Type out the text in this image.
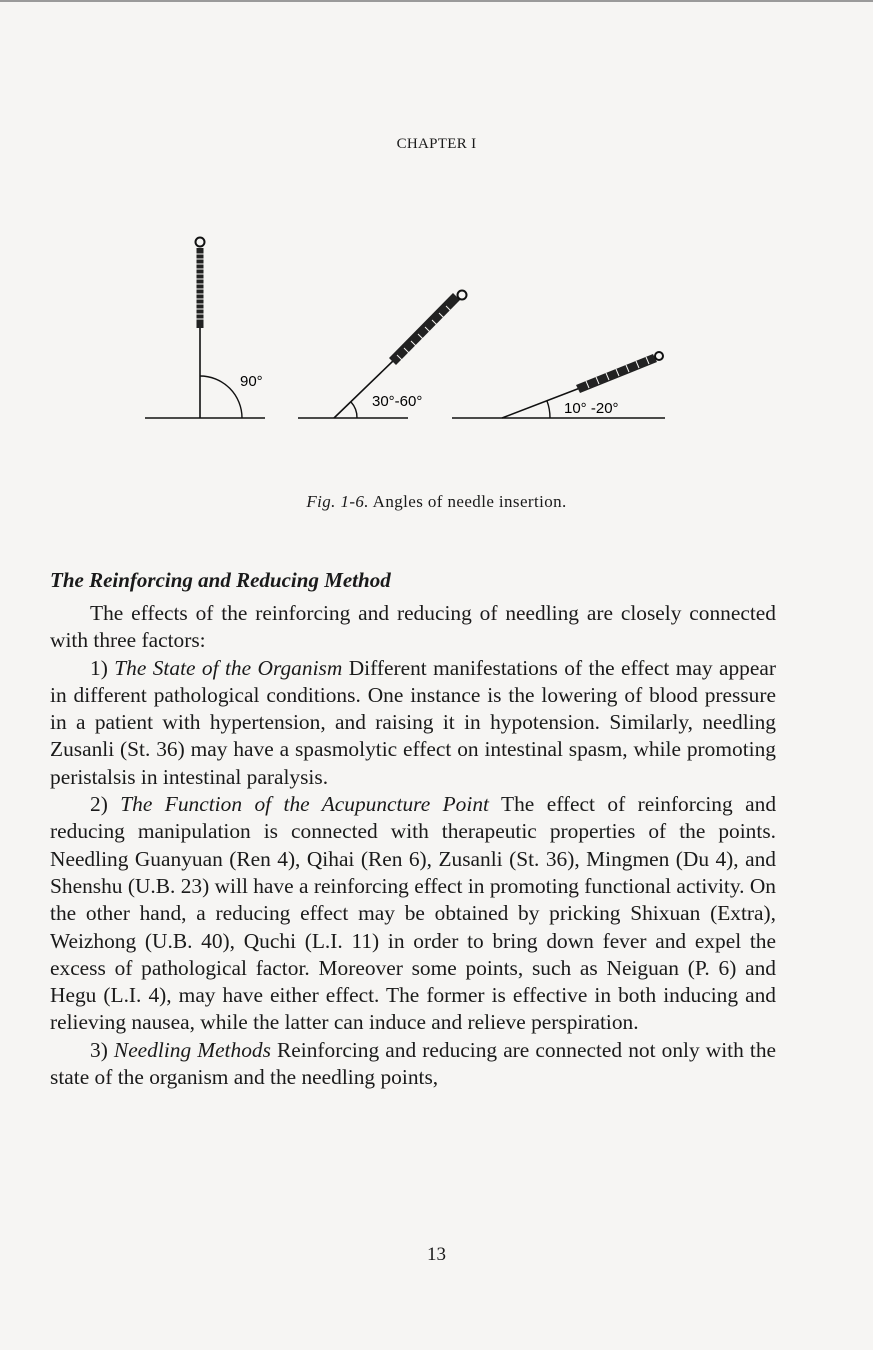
CHAPTER I
90°
30°-60°	10° -20°
Fig. 1-6. Angles of needle insertion.
The Reinforcing and Reducing Method

The effects of the reinforcing and reducing of needling are closely connected with three factors:

1) The State of the Organism Different manifestations of the effect may appear in different pathological conditions. One instance is the lowering of blood pressure in a patient with hypertension, and raising it in hypotension. Similarly, needling Zusanli (St. 36) may have a spasmolytic effect on intestinal spasm, while promoting peristalsis in intestinal paralysis.

2) The Function of the Acupuncture Point The effect of reinforcing and reducing manipulation is connected with therapeutic properties of the points. Needling Guanyuan (Ren 4), Qihai (Ren 6), Zusanli (St. 36), Mingmen (Du 4), and Shenshu (U.B. 23) will have a reinforcing effect in promoting functional activity. On the other hand, a reducing effect may be obtained by pricking Shixuan (Extra), Weizhong (U.B. 40), Quchi (L.I. 11) in order to bring down fever and expel the excess of pathological factor. Moreover some points, such as Neiguan (P. 6) and Hegu (L.I. 4), may have either effect. The former is effective in both inducing and relieving nausea, while the latter can induce and relieve perspiration.

3) Needling Methods Reinforcing and reducing are connected not only with the state of the organism and the needling points,

13
